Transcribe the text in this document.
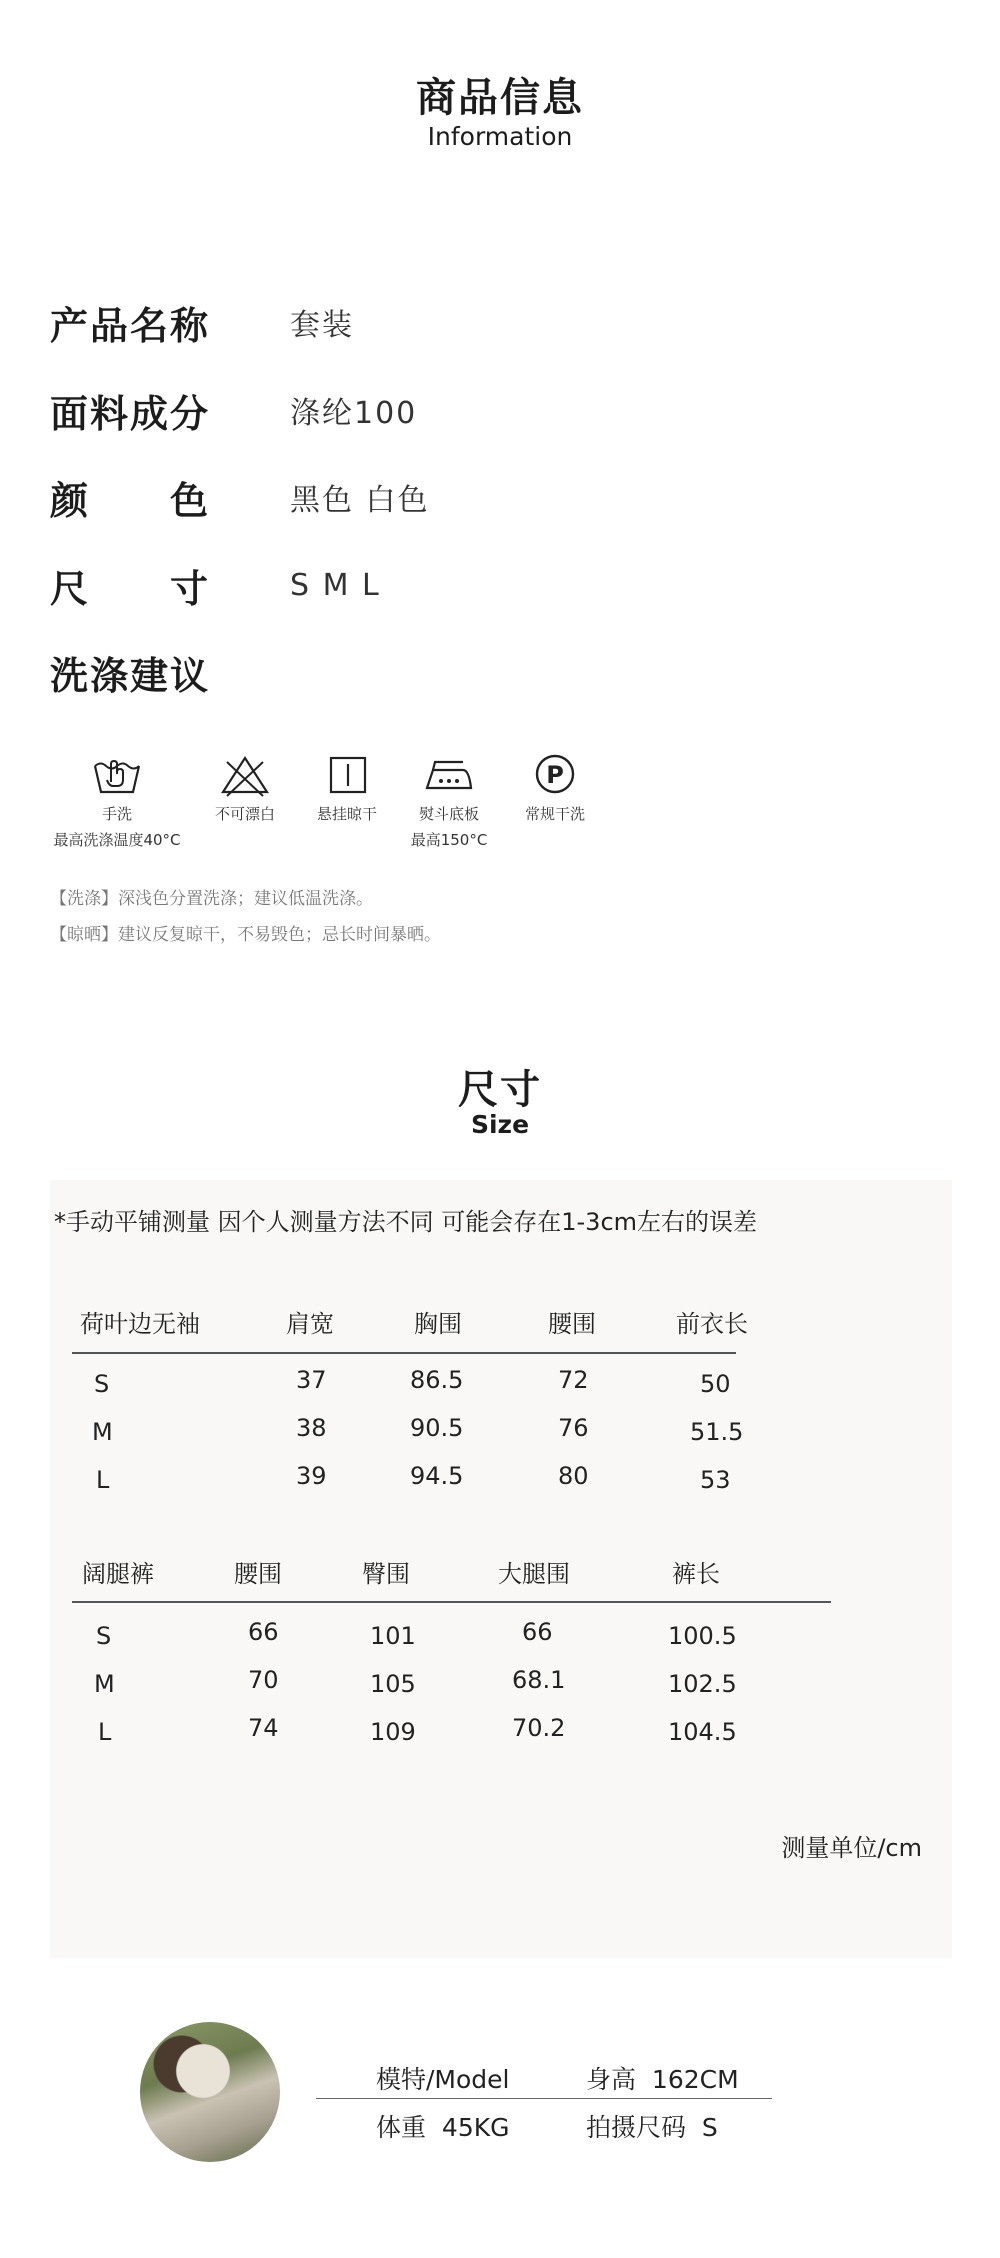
商品信息
Information
产品名称	套装
面料成分	涤纶100
颜　　色	黑色 白色
尺　　寸	S M L
洗涤建议
手洗
最高洗涤温度40°C
不可漂白	悬挂晾干	熨斗底板
最高150°C
P
常规干洗
【洗涤】深浅色分置洗涤；建议低温洗涤。
【晾晒】建议反复晾干，不易毁色；忌长时间暴晒。
尺寸
Size
*手动平铺测量 因个人测量方法不同 可能会存在1-3cm左右的误差
荷叶边无袖	肩宽	胸围	腰围	前衣长
S	37	86.5	72	50
M	38	90.5	76	51.5
L	39	94.5	80	53
阔腿裤	腰围	臀围	大腿围	裤长
S	66	101	66	100.5
M	70	105	68.1	102.5
L	74	109	70.2	104.5
测量单位/cm
模特/Model	身高 162CM
体重 45KG	拍摄尺码 S
